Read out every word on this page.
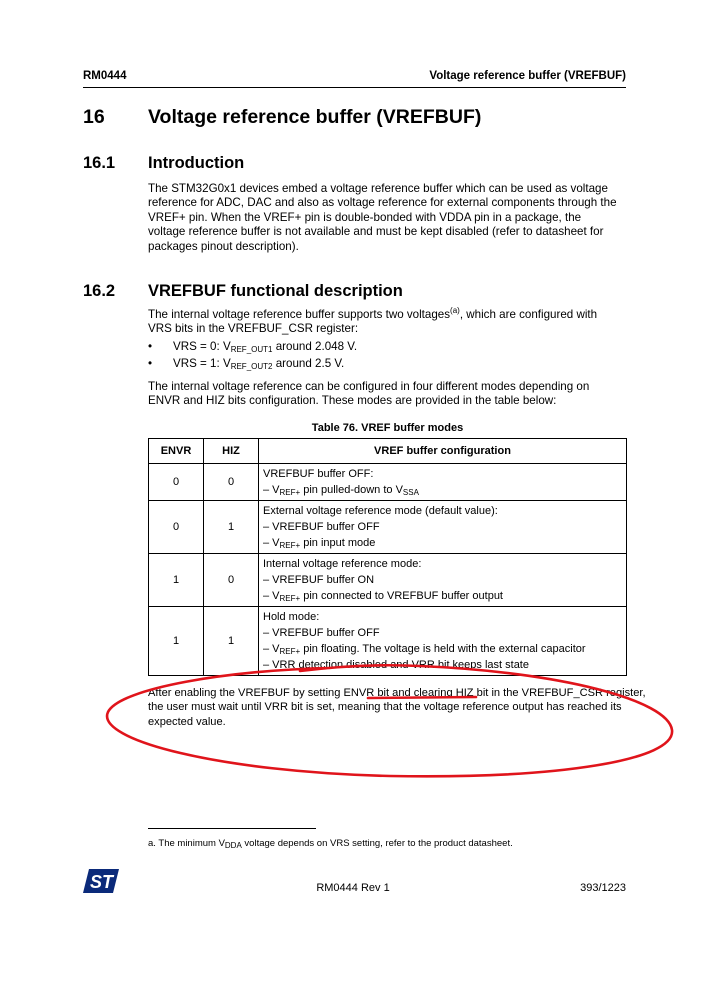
RM0444	Voltage reference buffer (VREFBUF)
16 Voltage reference buffer (VREFBUF)
16.1 Introduction
The STM32G0x1 devices embed a voltage reference buffer which can be used as voltage
reference for ADC, DAC and also as voltage reference for external components through the
VREF+ pin. When the VREF+ pin is double-bonded with VDDA pin in a package, the
voltage reference buffer is not available and must be kept disabled (refer to datasheet for
packages pinout description).
16.2 VREFBUF functional description
The internal voltage reference buffer supports two voltages$^{(a)}$, which are configured with
VRS bits in the VREFBUF_CSR register:
• VRS = 0: $V_{REF\_OUT1}$ around 2.048 V.
• VRS = 1: $V_{REF\_OUT2}$ around 2.5 V.
The internal voltage reference can be configured in four different modes depending on
ENVR and HIZ bits configuration. These modes are provided in the table below:
Table 76. VREF buffer modes
ENVR	HIZ	VREF buffer configuration
0	0	VREFBUF buffer OFF:
– $V_{REF+}$ pin pulled-down to $V_{SSA}$

0	1	External voltage reference mode (default value):
– VREFBUF buffer OFF
– $V_{REF+}$ pin input mode

1	0	Internal voltage reference mode:
– VREFBUF buffer ON
– $V_{REF+}$ pin connected to VREFBUF buffer output

1	1	Hold mode:
– VREFBUF buffer OFF
– $V_{REF+}$ pin floating. The voltage is held with the external capacitor
– VRR detection disabled and VRR bit keeps last state
After enabling the VREFBUF by setting ENVR bit and clearing HIZ bit in the VREFBUF_CSR register,
the user must wait until VRR bit is set, meaning that the voltage reference output has reached its
expected value.
a. The minimum $V_{DDA}$ voltage depends on VRS setting, refer to the product datasheet.
ST	RM0444 Rev 1	393/1223
